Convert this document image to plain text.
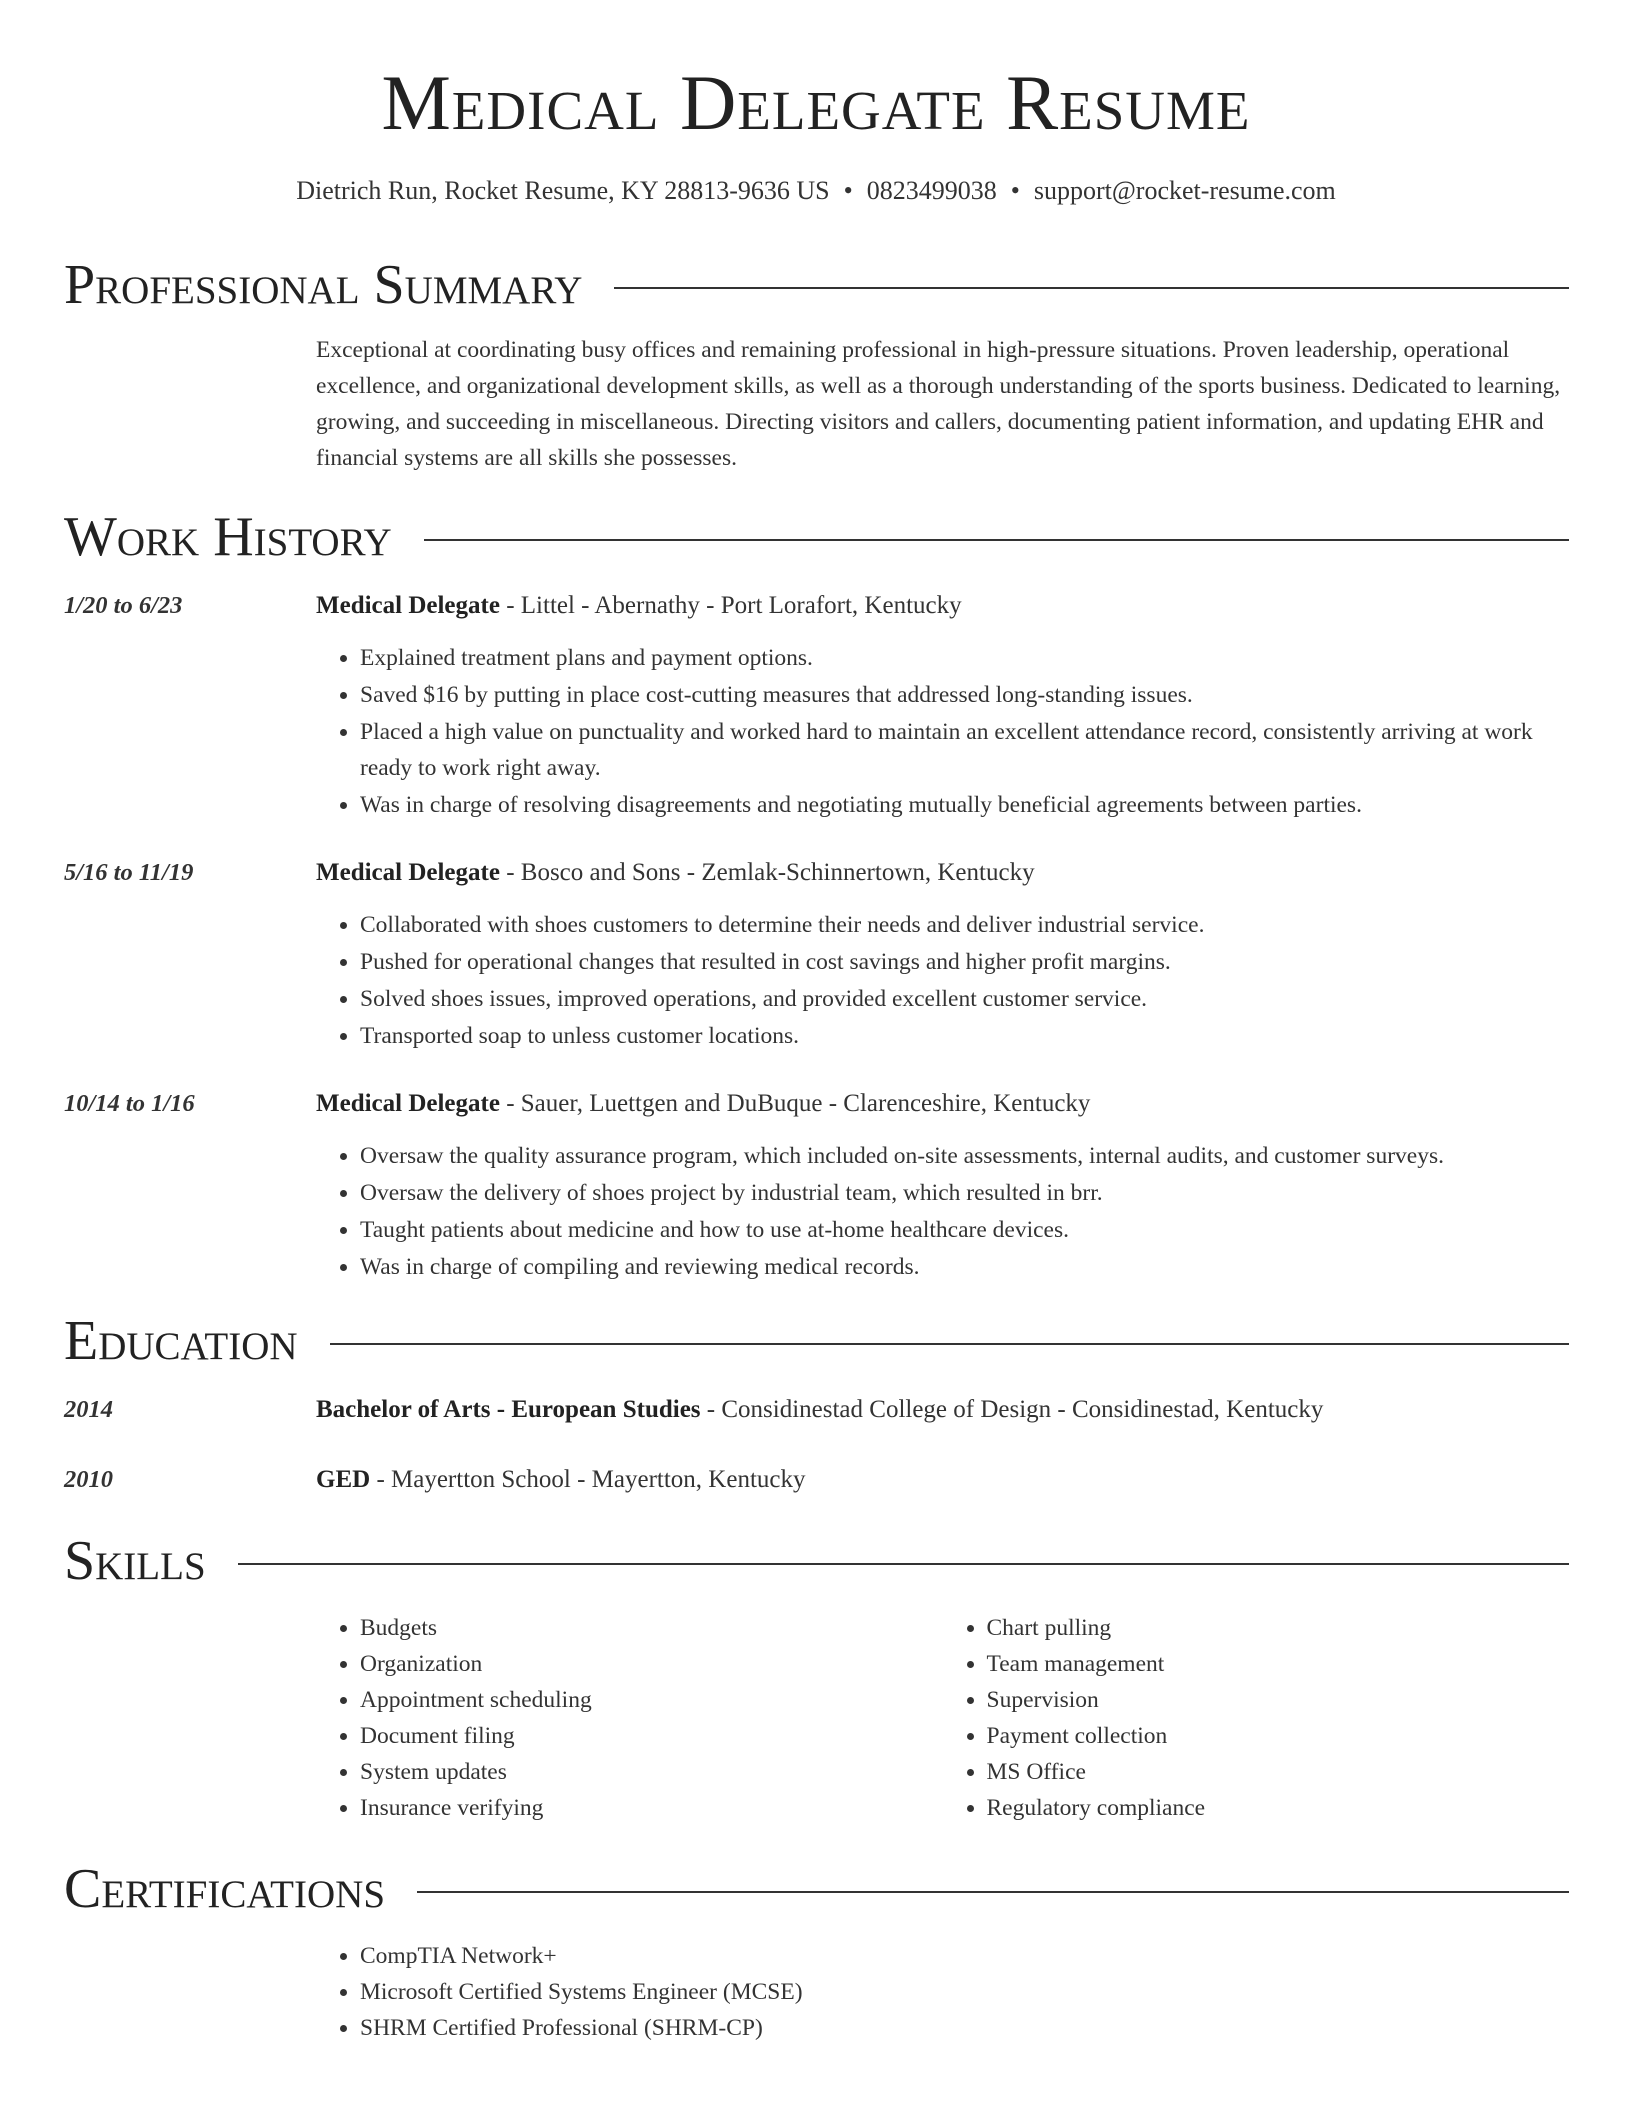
Medical Delegate Resume
Dietrich Run, Rocket Resume, KY 28813-9636 US • 0823499038 • support@rocket-resume.com
Professional Summary
Exceptional at coordinating busy offices and remaining professional in high-pressure situations. Proven leadership, operational excellence, and organizational development skills, as well as a thorough understanding of the sports business. Dedicated to learning, growing, and succeeding in miscellaneous. Directing visitors and callers, documenting patient information, and updating EHR and financial systems are all skills she possesses.
Work History
1/20 to 6/23	Medical Delegate - Littel - Abernathy - Port Lorafort, Kentucky
• Explained treatment plans and payment options.
• Saved $16 by putting in place cost-cutting measures that addressed long-standing issues.
• Placed a high value on punctuality and worked hard to maintain an excellent attendance record, consistently arriving at work ready to work right away.
• Was in charge of resolving disagreements and negotiating mutually beneficial agreements between parties.
5/16 to 11/19	Medical Delegate - Bosco and Sons - Zemlak-Schinnertown, Kentucky
• Collaborated with shoes customers to determine their needs and deliver industrial service.
• Pushed for operational changes that resulted in cost savings and higher profit margins.
• Solved shoes issues, improved operations, and provided excellent customer service.
• Transported soap to unless customer locations.
10/14 to 1/16	Medical Delegate - Sauer, Luettgen and DuBuque - Clarenceshire, Kentucky
• Oversaw the quality assurance program, which included on-site assessments, internal audits, and customer surveys.
• Oversaw the delivery of shoes project by industrial team, which resulted in brr.
• Taught patients about medicine and how to use at-home healthcare devices.
• Was in charge of compiling and reviewing medical records.
Education
2014	Bachelor of Arts - European Studies - Considinestad College of Design - Considinestad, Kentucky
2010	GED - Mayertton School - Mayertton, Kentucky
Skills
• Budgets
• Organization
• Appointment scheduling
• Document filing
• System updates
• Insurance verifying
• Chart pulling
• Team management
• Supervision
• Payment collection
• MS Office
• Regulatory compliance
Certifications
• CompTIA Network+
• Microsoft Certified Systems Engineer (MCSE)
• SHRM Certified Professional (SHRM-CP)
